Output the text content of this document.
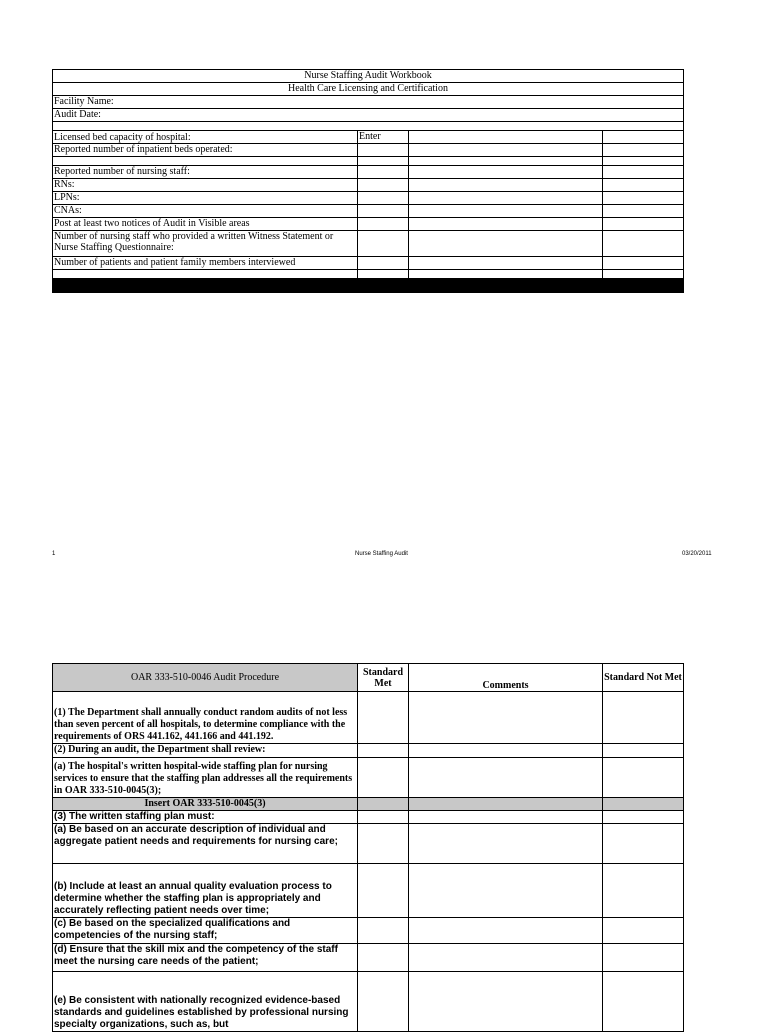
Nurse Staffing Audit Workbook			
Health Care Licensing and Certification			
Facility Name:			
Audit Date:			

Licensed bed capacity of hospital:	Enter		
Reported number of inpatient beds operated:			

Reported number of nursing staff:			
RNs:			
LPNs:			
CNAs:			
Post at least two notices of Audit in Visible areas			
Number of nursing staff who provided a written Witness Statement or Nurse Staffing Questionnaire:			
Number of patients and patient family members interviewed			

1	Nurse Staffing Audit	03/20/2011
OAR 333-510-0046 Audit Procedure	Standard Met	Comments	Standard Not Met
(1) The Department shall annually conduct random audits of not less than seven percent of all hospitals, to determine compliance with the requirements of ORS 441.162, 441.166 and 441.192.			
(2) During an audit, the Department shall review:			
(a) The hospital's written hospital-wide staffing plan for nursing services to ensure that the staffing plan addresses all the requirements in OAR 333-510-0045(3);			
Insert OAR 333-510-0045(3)			
(3) The written staffing plan must:			
(a) Be based on an accurate description of individual and aggregate patient needs and requirements for nursing care;			
(b) Include at least an annual quality evaluation process to determine whether the staffing plan is appropriately and accurately reflecting patient needs over time;			
(c) Be based on the specialized qualifications and competencies of the nursing staff;			
(d) Ensure that the skill mix and the competency of the staff meet the nursing care needs of the patient;			
(e) Be consistent with nationally recognized evidence-based standards and guidelines established by professional nursing specialty organizations, such as, but			
